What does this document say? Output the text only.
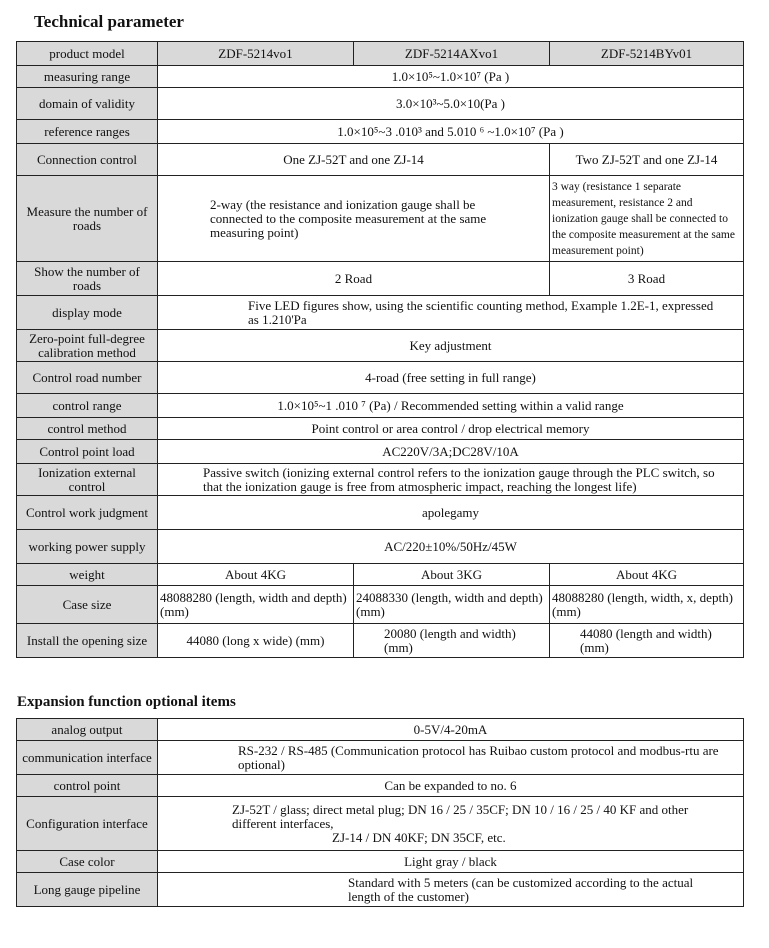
Technical parameter
product model	ZDF-5214vo1	ZDF-5214AXvo1	ZDF-5214BYv01
measuring range	1.0×10⁵~1.0×10⁷ (Pa )		
domain of validity	3.0×10³~5.0×10(Pa )		
reference ranges	1.0×10⁵~3 .010³ and 5.010 ⁶ ~1.0×10⁷ (Pa )		
Connection control	One ZJ-52T and one ZJ-14		Two ZJ-52T and one ZJ-14
Measure the number of roads	2-way (the resistance and ionization gauge shall be connected to the composite measurement at the same measuring point)		3 way (resistance 1 separate measurement, resistance 2 and ionization gauge shall be connected to the composite measurement at the same measurement point)
Show the number of roads	2 Road		3 Road
display mode	Five LED figures show, using the scientific counting method, Example 1.2E-1, expressed as 1.210'Pa		
Zero-point full-degree calibration method	Key adjustment		
Control road number	4-road (free setting in full range)		
control range	1.0×10⁵~1 .010 ⁷ (Pa) / Recommended setting within a valid range		
control method	Point control or area control / drop electrical memory		
Control point load	AC220V/3A;DC28V/10A		
Ionization external control	Passive switch (ionizing external control refers to the ionization gauge through the PLC switch, so that the ionization gauge is free from atmospheric impact, reaching the longest life)		
Control work judgment	apolegamy		
working power supply	AC/220±10%/50Hz/45W		
weight	About 4KG	About 3KG	About 4KG
Case size	48088280 (length, width and depth) (mm)	24088330 (length, width and depth) (mm)	48088280 (length, width, x, depth) (mm)
Install the opening size	44080 (long x wide) (mm)	20080 (length and width) (mm)	44080 (length and width) (mm)
Expansion function optional items
analog output	0-5V/4-20mA
communication interface	RS-232 / RS-485 (Communication protocol has Ruibao custom protocol and modbus-rtu are optional)
control point	Can be expanded to no. 6
Configuration interface	ZJ-52T / glass; direct metal plug; DN 16 / 25 / 35CF; DN 10 / 16 / 25 / 40 KF and other different interfaces,
ZJ-14 / DN 40KF; DN 35CF, etc.

Case color	Light gray / black
Long gauge pipeline	Standard with 5 meters (can be customized according to the actual length of the customer)
